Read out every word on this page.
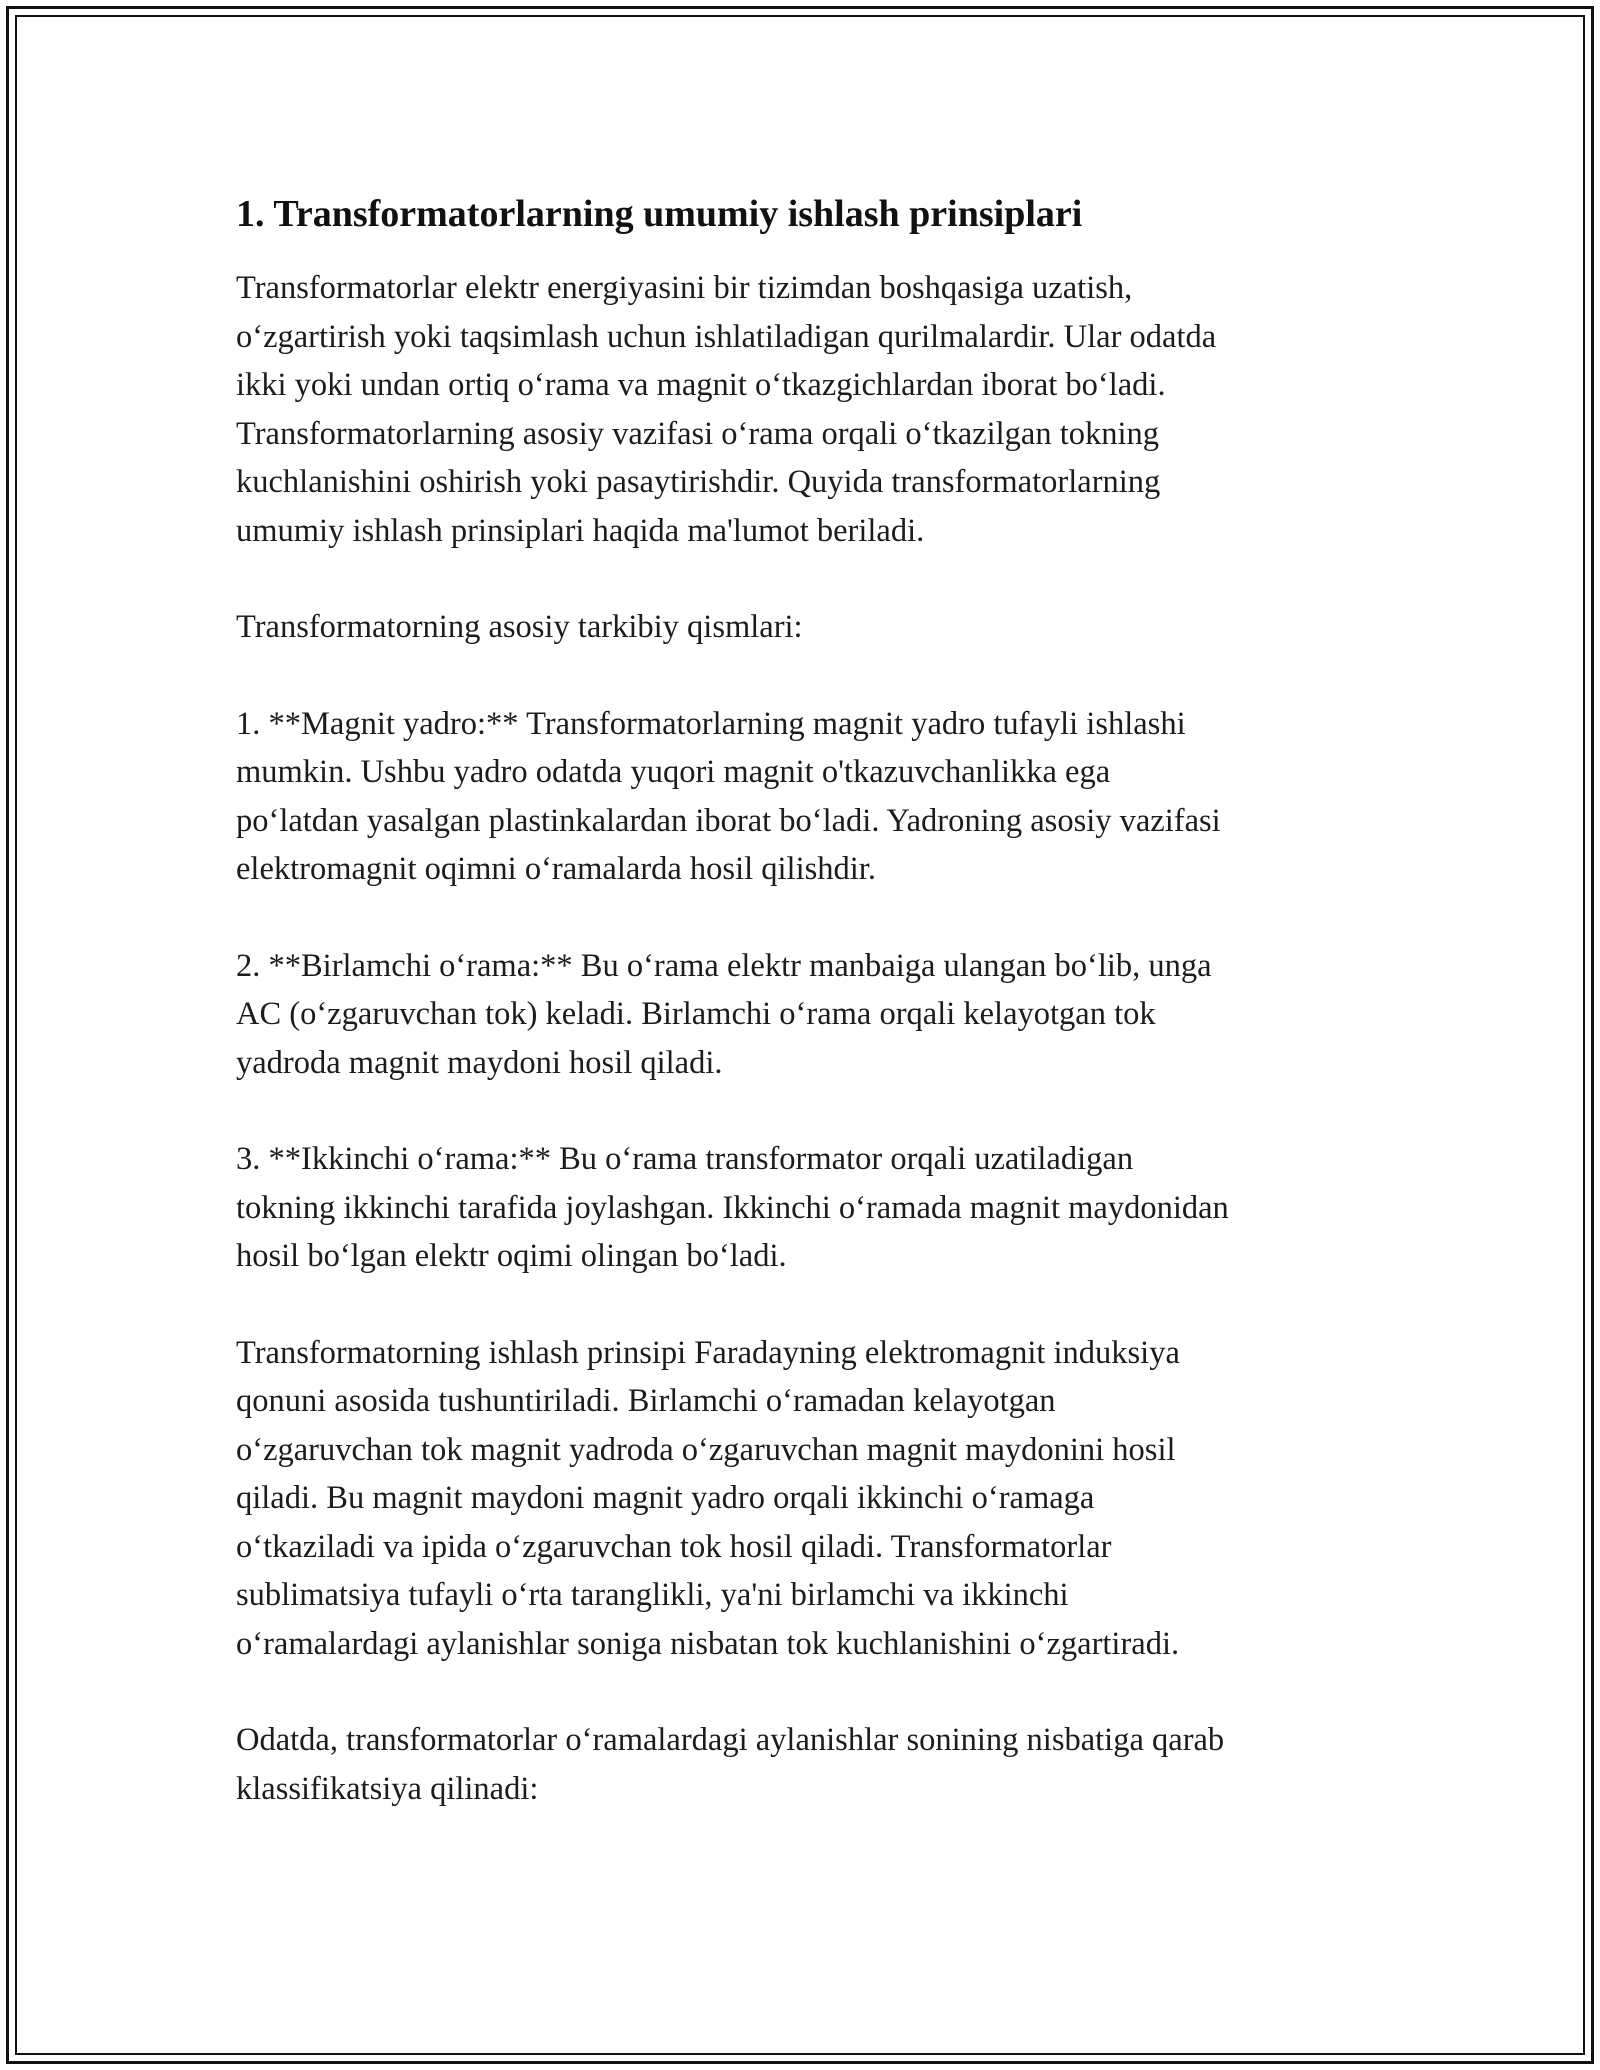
1. Transformatorlarning umumiy ishlash prinsiplari

Transformatorlar elektr energiyasini bir tizimdan boshqasiga uzatish,
o‘zgartirish yoki taqsimlash uchun ishlatiladigan qurilmalardir. Ular odatda
ikki yoki undan ortiq o‘rama va magnit o‘tkazgichlardan iborat bo‘ladi.
Transformatorlarning asosiy vazifasi o‘rama orqali o‘tkazilgan tokning
kuchlanishini oshirish yoki pasaytirishdir. Quyida transformatorlarning
umumiy ishlash prinsiplari haqida ma'lumot beriladi.

Transformatorning asosiy tarkibiy qismlari:

1. **Magnit yadro:** Transformatorlarning magnit yadro tufayli ishlashi
mumkin. Ushbu yadro odatda yuqori magnit o'tkazuvchanlikka ega
po‘latdan yasalgan plastinkalardan iborat bo‘ladi. Yadroning asosiy vazifasi
elektromagnit oqimni o‘ramalarda hosil qilishdir.

2. **Birlamchi o‘rama:** Bu o‘rama elektr manbaiga ulangan bo‘lib, unga
AC (o‘zgaruvchan tok) keladi. Birlamchi o‘rama orqali kelayotgan tok
yadroda magnit maydoni hosil qiladi.

3. **Ikkinchi o‘rama:** Bu o‘rama transformator orqali uzatiladigan
tokning ikkinchi tarafida joylashgan. Ikkinchi o‘ramada magnit maydonidan
hosil bo‘lgan elektr oqimi olingan bo‘ladi.

Transformatorning ishlash prinsipi Faradayning elektromagnit induksiya
qonuni asosida tushuntiriladi. Birlamchi o‘ramadan kelayotgan
o‘zgaruvchan tok magnit yadroda o‘zgaruvchan magnit maydonini hosil
qiladi. Bu magnit maydoni magnit yadro orqali ikkinchi o‘ramaga
o‘tkaziladi va ipida o‘zgaruvchan tok hosil qiladi. Transformatorlar
sublimatsiya tufayli o‘rta taranglikli, ya'ni birlamchi va ikkinchi
o‘ramalardagi aylanishlar soniga nisbatan tok kuchlanishini o‘zgartiradi.

Odatda, transformatorlar o‘ramalardagi aylanishlar sonining nisbatiga qarab
klassifikatsiya qilinadi:
